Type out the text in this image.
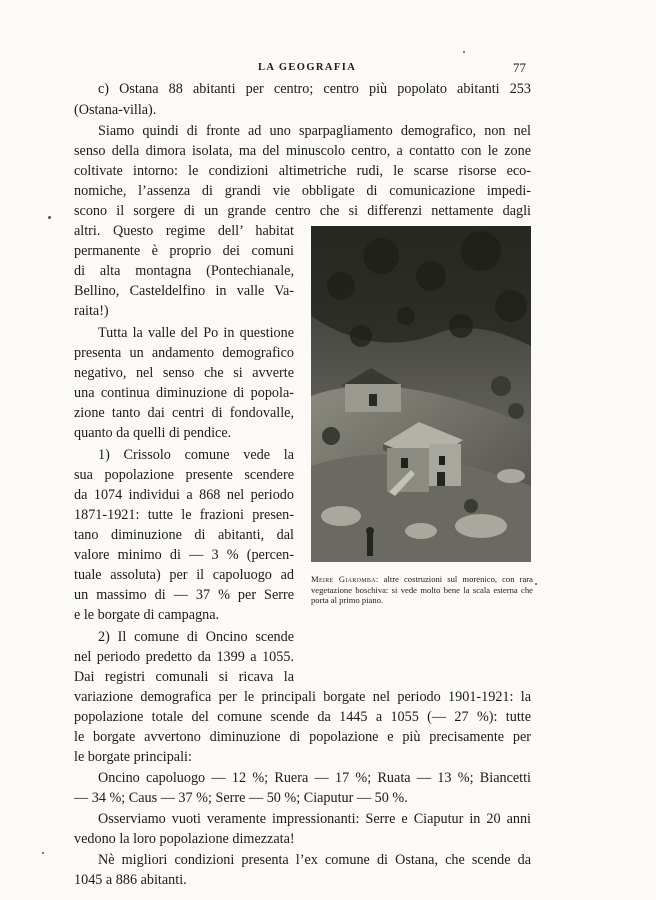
LA GEOGRAFIA	77
c) Ostana 88 abitanti per centro; centro più popolato abitanti 253
(Ostana-villa).
Siamo quindi di fronte ad uno sparpagliamento demografico, non nel
senso della dimora isolata, ma del minuscolo centro, a contatto con le zone
coltivate intorno: le condizioni altimetriche rudi, le scarse risorse eco-
nomiche, l’assenza di grandi vie obbligate di comunicazione impedi-
scono il sorgere di un grande centro che si differenzi nettamente dagli
altri. Questo regime dell’ habitat
permanente è proprio dei comuni
di alta montagna (Pontechianale,
Bellino, Casteldelfino in valle Va-
raita!)
Tutta la valle del Po in questione
presenta un andamento demografico
negativo, nel senso che si avverte
una continua diminuzione di popola-
zione tanto dai centri di fondovalle,
quanto da quelli di pendice.
1) Crissolo comune vede la
sua popolazione presente scendere
da 1074 individui a 868 nel periodo
1871-1921: tutte le frazioni presen-
tano diminuzione di abitanti, dal
valore minimo di — 3 % (percen-
tuale assoluta) per il capoluogo ad
un massimo di — 37 % per Serre
e le borgate di campagna.
2) Il comune di Oncino scende
nel periodo predetto da 1399 a 1055.
Dai registri comunali si ricava la
variazione demografica per le principali borgate nel periodo 1901-1921: la
popolazione totale del comune scende da 1445 a 1055 (— 27 %): tutte
le borgate avvertono diminuzione di popolazione e più precisamente per
le borgate principali:
Oncino capoluogo — 12 %; Ruera — 17 %; Ruata — 13 %; Biancetti
— 34 %; Caus — 37 %; Serre — 50 %; Ciaputur — 50 %.
Osserviamo vuoti veramente impressionanti: Serre e Ciaputur in 20 anni
vedono la loro popolazione dimezzata!
Nè migliori condizioni presenta l’ex comune di Ostana, che scende da
1045 a 886 abitanti.
Meire Giaromba: altre costruzioni sul morenico, con rara vegetazione boschiva: si vede molto bene la scala esterna che porta al primo piano.
